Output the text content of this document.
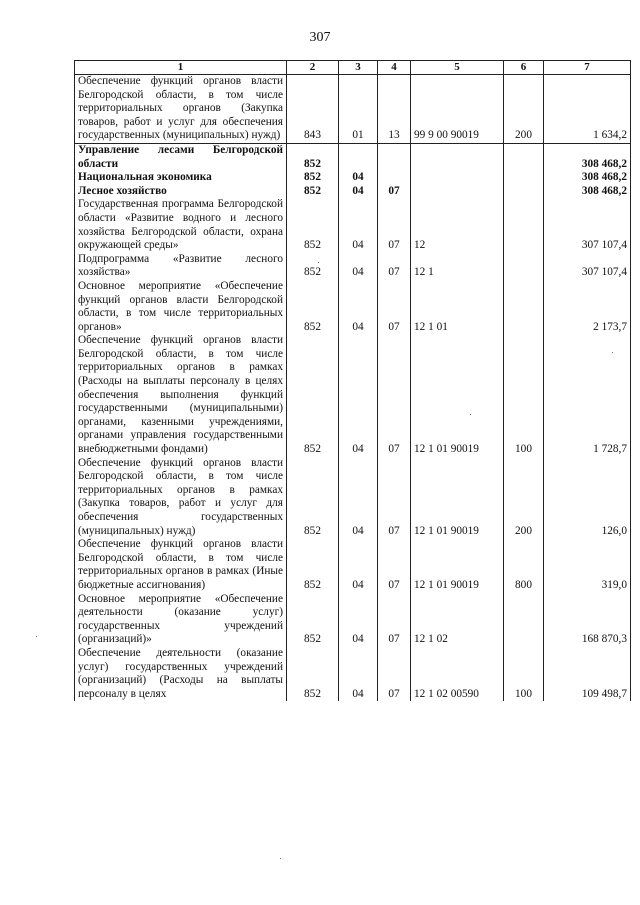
307
1	2	3	4	5	6	7
Обеспечение функций органов власти Белгородской области, в том числе территориальных органов (Закупка товаров, работ и услуг для обеспечения государственных (муниципальных) нужд)	843	01	13	99 9 00 90019	200	1 634,2
Управление лесами Белгородской области	852					308 468,2
Национальная экономика	852	04				308 468,2
Лесное хозяйство	852	04	07			308 468,2
Государственная программа Белгородской области «Развитие водного и лесного хозяйства Белгородской области, охрана окружающей среды»	852	04	07	12		307 107,4
Подпрограмма «Развитие лесного хозяйства»	852	04	07	12 1		307 107,4
Основное мероприятие «Обеспечение функций органов власти Белгородской области, в том числе территориальных органов»	852	04	07	12 1 01		2 173,7
Обеспечение функций органов власти Белгородской области, в том числе территориальных органов в рамках (Расходы на выплаты персоналу в целях обеспечения выполнения функций государственными (муниципальными) органами, казенными учреждениями, органами управления государственными внебюджетными фондами)	852	04	07	12 1 01 90019	100	1 728,7
Обеспечение функций органов власти Белгородской области, в том числе территориальных органов в рамках (Закупка товаров, работ и услуг для обеспечения государственных (муниципальных) нужд)	852	04	07	12 1 01 90019	200	126,0
Обеспечение функций органов власти Белгородской области, в том числе территориальных органов в рамках (Иные бюджетные ассигнования)	852	04	07	12 1 01 90019	800	319,0
Основное мероприятие «Обеспечение деятельности (оказание услуг) государственных учреждений (организаций)»	852	04	07	12 1 02		168 870,3
Обеспечение деятельности (оказание услуг) государственных учреждений (организаций) (Расходы на выплаты персоналу в целях	852	04	07	12 1 02 00590	100	109 498,7
